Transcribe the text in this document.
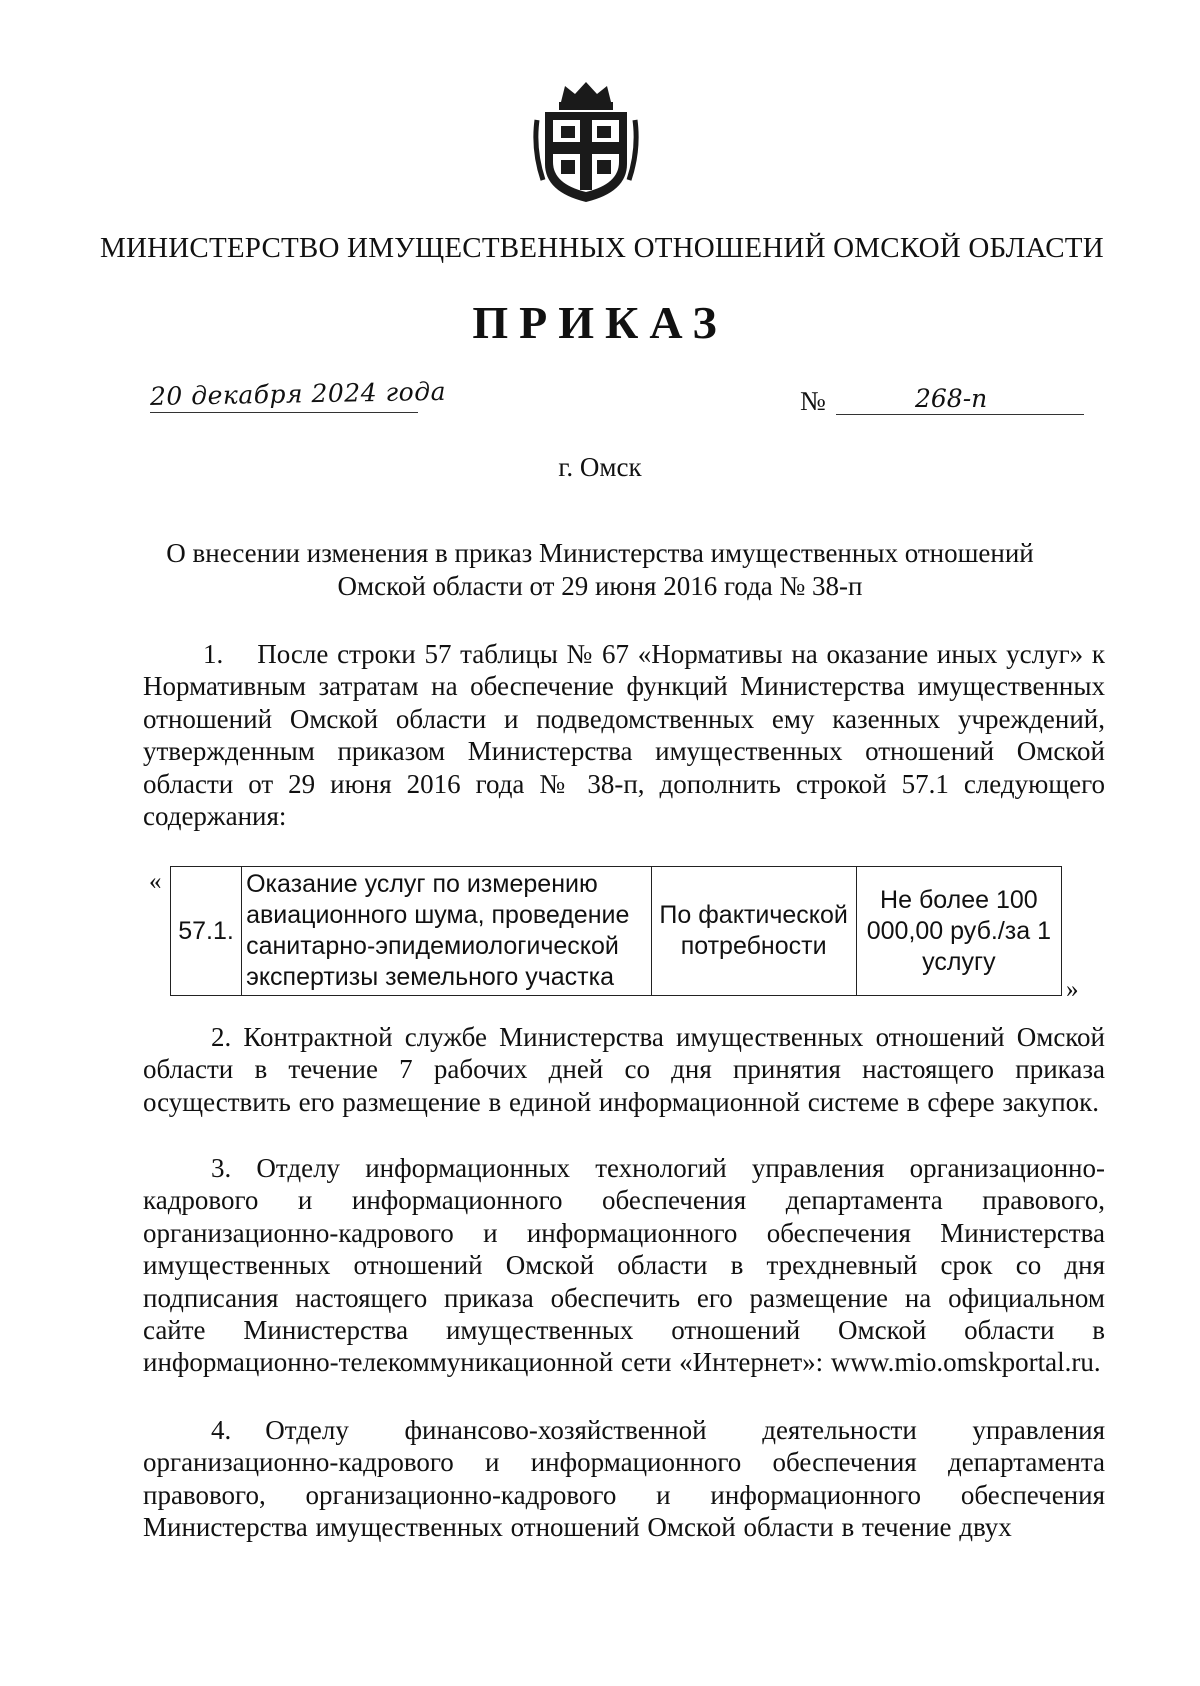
МИНИСТЕРСТВО ИМУЩЕСТВЕННЫХ ОТНОШЕНИЙ ОМСКОЙ ОБЛАСТИ
ПРИКАЗ
20 декабря 2024 года	№	268-п
г. Омск
О внесении изменения в приказ Министерства имущественных отношений
Омской области от 29 июня 2016 года № 38-п

1. После строки 57 таблицы № 67 «Нормативы на оказание иных услуг» к Нормативным затратам на обеспечение функций Министерства имущественных отношений Омской области и подведомственных ему казенных учреждений, утвержденным приказом Министерства имущественных отношений Омской области от 29 июня 2016 года № 38-п, дополнить строкой 57.1 следующего содержания:

«
57.1.	Оказание услуг по измерению авиационного шума, проведение санитарно-эпидемиологической экспертизы земельного участка	По фактической потребности	Не более 100 000,00 руб./за 1 услугу
»

2. Контрактной службе Министерства имущественных отношений Омской области в течение 7 рабочих дней со дня принятия настоящего приказа осуществить его размещение в единой информационной системе в сфере закупок.

3. Отделу информационных технологий управления организационно-кадрового и информационного обеспечения департамента правового, организационно-кадрового и информационного обеспечения Министерства имущественных отношений Омской области в трехдневный срок со дня подписания настоящего приказа обеспечить его размещение на официальном сайте Министерства имущественных отношений Омской области в информационно-телекоммуникационной сети «Интернет»: www.mio.omskportal.ru.

4. Отделу финансово-хозяйственной деятельности управления организационно-кадрового и информационного обеспечения департамента правового, организационно-кадрового и информационного обеспечения Министерства имущественных отношений Омской области в течение двух
